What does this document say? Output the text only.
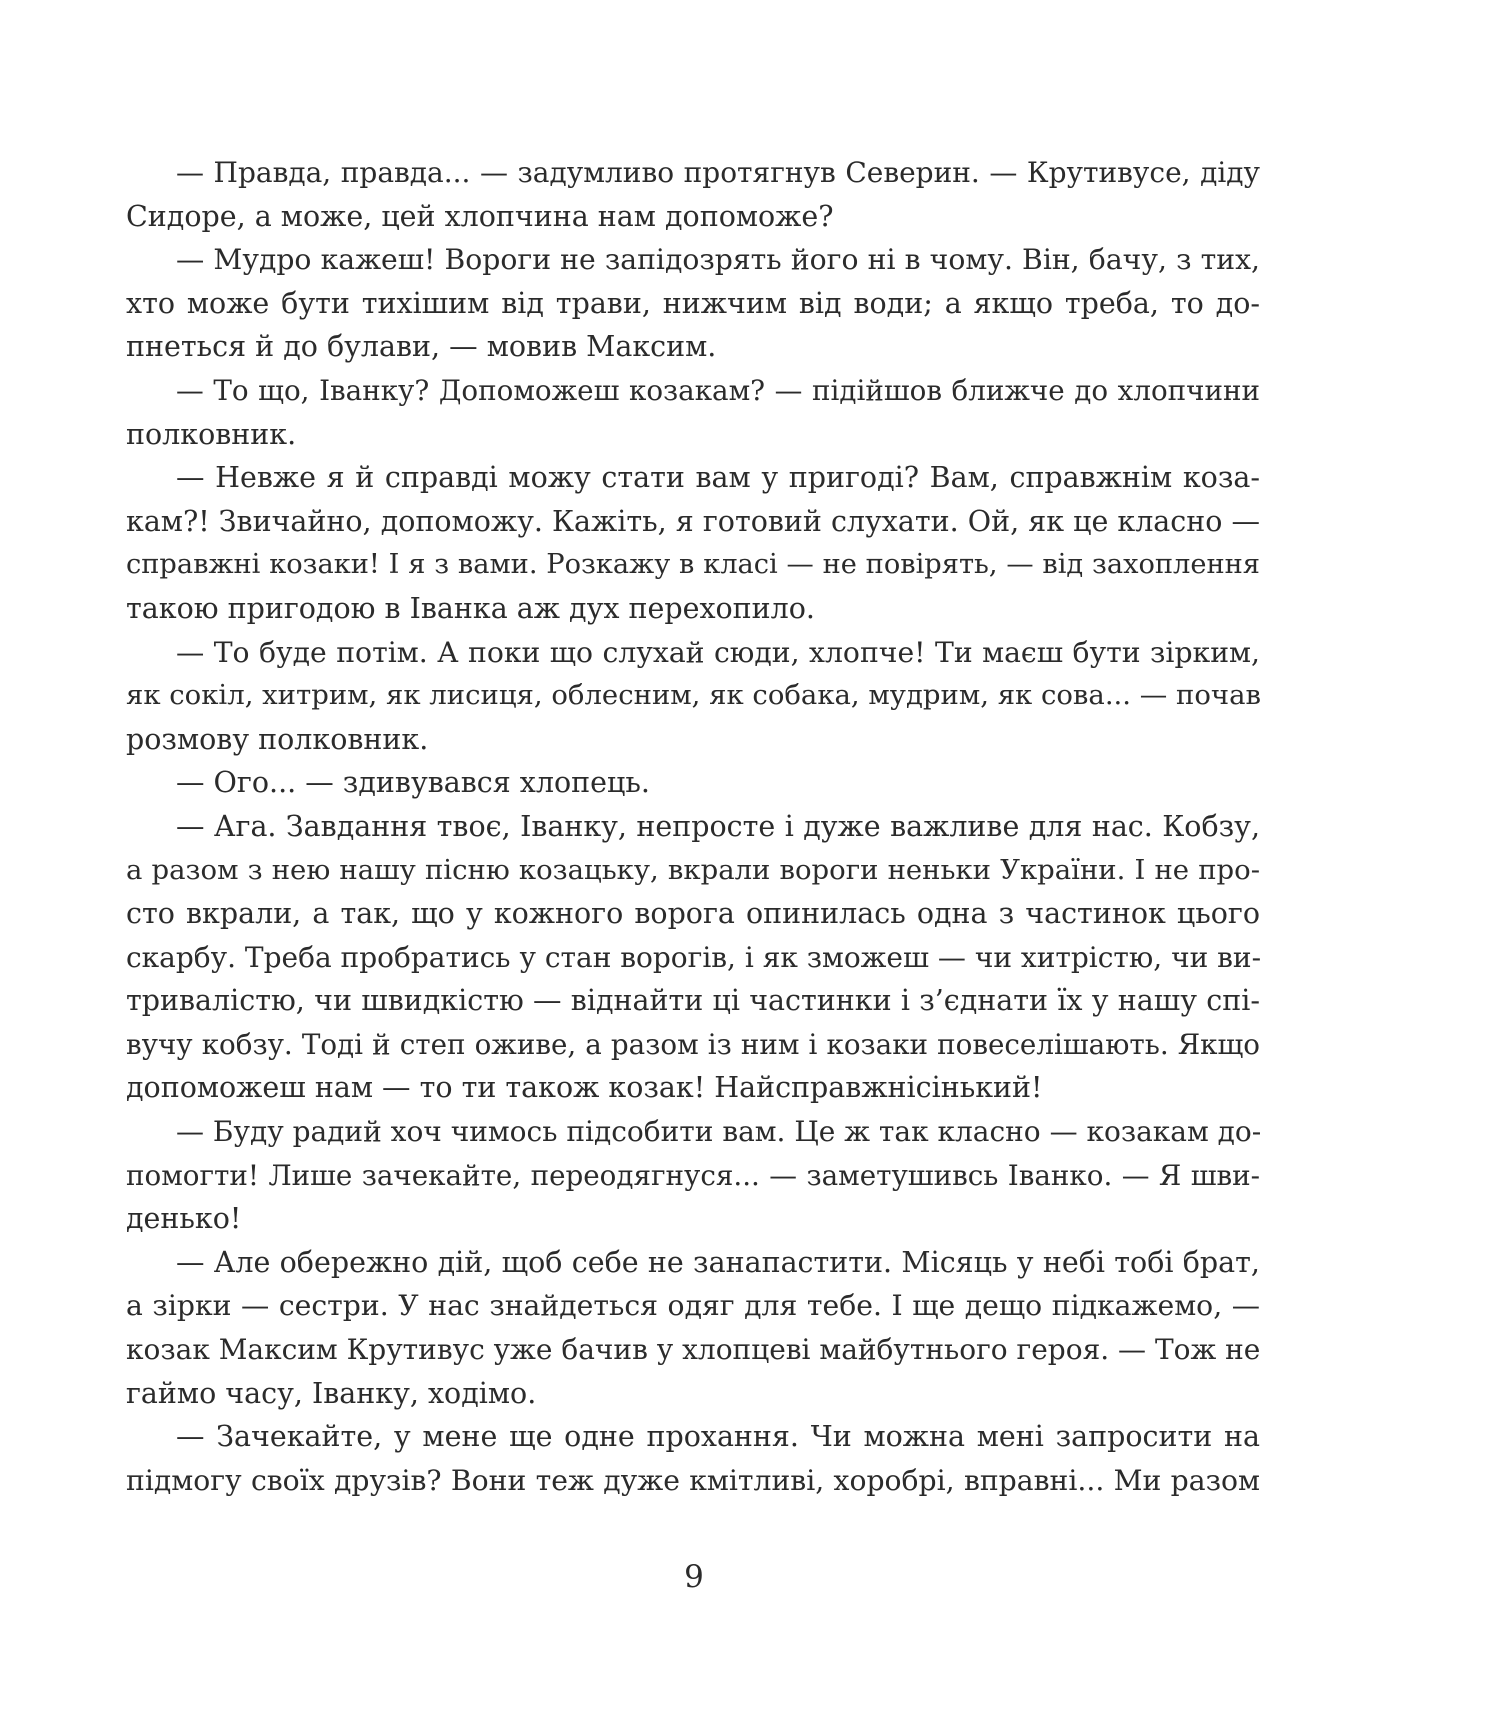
— Правда, правда... — задумливо протягнув Северин. — Крутивусе, діду
Сидоре, а може, цей хлопчина нам допоможе?
— Мудро кажеш! Вороги не запідозрять його ні в чому. Він, бачу, з тих,
хто може бути тихішим від трави, нижчим від води; а якщо треба, то до-
пнеться й до булави, — мовив Максим.
— То що, Іванку? Допоможеш козакам? — підійшов ближче до хлопчини
полковник.
— Невже я й справді можу стати вам у пригоді? Вам, справжнім коза-
кам?! Звичайно, допоможу. Кажіть, я готовий слухати. Ой, як це класно —
справжні козаки! І я з вами. Розкажу в класі — не повірять, — від захоплення
такою пригодою в Іванка аж дух перехопило.
— То буде потім. А поки що слухай сюди, хлопче! Ти маєш бути зірким,
як сокіл, хитрим, як лисиця, облесним, як собака, мудрим, як сова... — почав
розмову полковник.
— Ого... — здивувався хлопець.
— Ага. Завдання твоє, Іванку, непросте і дуже важливе для нас. Кобзу,
а разом з нею нашу пісню козацьку, вкрали вороги неньки України. І не про-
сто вкрали, а так, що у кожного ворога опинилась одна з частинок цього
скарбу. Треба пробратись у стан ворогів, і як зможеш — чи хитрістю, чи ви-
тривалістю, чи швидкістю — віднайти ці частинки і з’єднати їх у нашу спі-
вучу кобзу. Тоді й степ оживе, а разом із ним і козаки повеселішають. Якщо
допоможеш нам — то ти також козак! Найсправжнісінький!
— Буду радий хоч чимось підсобити вам. Це ж так класно — козакам до-
помогти! Лише зачекайте, переодягнуся... — заметушивсь Іванко. — Я шви-
денько!
— Але обережно дій, щоб себе не занапастити. Місяць у небі тобі брат,
а зірки — сестри. У нас знайдеться одяг для тебе. І ще дещо підкажемо, —
козак Максим Крутивус уже бачив у хлопцеві майбутнього героя. — Тож не
гаймо часу, Іванку, ходімо.
— Зачекайте, у мене ще одне прохання. Чи можна мені запросити на
підмогу своїх друзів? Вони теж дуже кмітливі, хоробрі, вправні... Ми разом
9
